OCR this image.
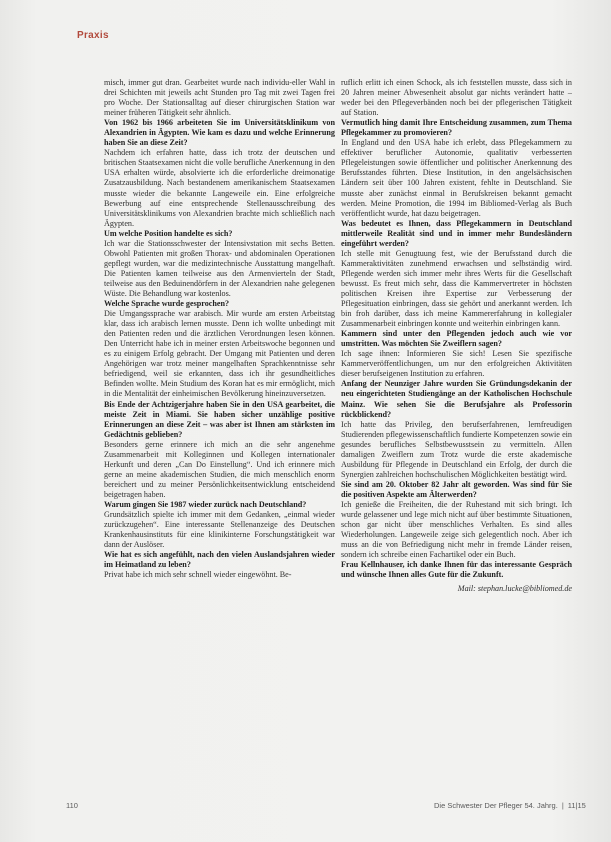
Praxis

misch, immer gut dran. Gearbeitet wurde nach individu-eller Wahl in drei Schichten mit jeweils acht Stunden pro Tag mit zwei Tagen frei pro Woche. Der Stationsalltag auf dieser chirurgischen Station war meiner früheren Tätigkeit sehr ähnlich.

Von 1962 bis 1966 arbeiteten Sie im Universitätsklinikum von Alexandrien in Ägypten. Wie kam es dazu und welche Erinnerung haben Sie an diese Zeit?

Nachdem ich erfahren hatte, dass ich trotz der deutschen und britischen Staatsexamen nicht die volle berufliche Anerkennung in den USA erhalten würde, absolvierte ich die erforderliche dreimonatige Zusatzausbildung. Nach bestandenem amerikanischem Staatsexamen musste wieder die bekannte Langeweile ein. Eine erfolgreiche Bewerbung auf eine entsprechende Stellenausschreibung des Universitätsklinikums von Alexandrien brachte mich schließlich nach Ägypten.

Um welche Position handelte es sich?

Ich war die Stationsschwester der Intensivstation mit sechs Betten. Obwohl Patienten mit großen Thorax- und abdominalen Operationen gepflegt wurden, war die medizintechnische Ausstattung mangelhaft. Die Patienten kamen teilweise aus den Armenvierteln der Stadt, teilweise aus den Beduinendörfern in der Alexandrien nahe gelegenen Wüste. Die Behandlung war kostenlos.

Welche Sprache wurde gesprochen?

Die Umgangssprache war arabisch. Mir wurde am ersten Arbeitstag klar, dass ich arabisch lernen musste. Denn ich wollte unbedingt mit den Patienten reden und die ärztlichen Verordnungen lesen können. Den Unterricht habe ich in meiner ersten Arbeitswoche begonnen und es zu einigem Erfolg gebracht. Der Umgang mit Patienten und deren Angehörigen war trotz meiner mangelhaften Sprachkenntnisse sehr befriedigend, weil sie erkannten, dass ich ihr gesundheitliches Befinden wollte. Mein Studium des Koran hat es mir ermöglicht, mich in die Mentalität der einheimischen Bevölkerung hineinzuversetzen.

Bis Ende der Achtzigerjahre haben Sie in den USA gearbeitet, die meiste Zeit in Miami. Sie haben sicher unzählige positive Erinnerungen an diese Zeit – was aber ist Ihnen am stärksten im Gedächtnis geblieben?

Besonders gerne erinnere ich mich an die sehr angenehme Zusammenarbeit mit Kolleginnen und Kollegen internationaler Herkunft und deren „Can Do Einstellung“. Und ich erinnere mich gerne an meine akademischen Studien, die mich menschlich enorm bereichert und zu meiner Persönlichkeitsentwicklung entscheidend beigetragen haben.

Warum gingen Sie 1987 wieder zurück nach Deutschland?

Grundsätzlich spielte ich immer mit dem Gedanken, „einmal wieder zurückzugehen“. Eine interessante Stellenanzeige des Deutschen Krankenhausinstituts für eine klinikinterne Forschungstätigkeit war dann der Auslöser.

Wie hat es sich angefühlt, nach den vielen Auslandsjahren wieder im Heimatland zu leben?

Privat habe ich mich sehr schnell wieder eingewöhnt. Be-

ruflich erlitt ich einen Schock, als ich feststellen musste, dass sich in 20 Jahren meiner Abwesenheit absolut gar nichts verändert hatte – weder bei den Pflegeverbänden noch bei der pflegerischen Tätigkeit auf Station.

Vermutlich hing damit Ihre Entscheidung zusammen, zum Thema Pflegekammer zu promovieren?

In England und den USA habe ich erlebt, dass Pflegekammern zu effektiver beruflicher Autonomie, qualitativ verbesserten Pflegeleistungen sowie öffentlicher und politischer Anerkennung des Berufsstandes führten. Diese Institution, in den angelsächsischen Ländern seit über 100 Jahren existent, fehlte in Deutschland. Sie musste aber zunächst einmal in Berufskreisen bekannt gemacht werden. Meine Promotion, die 1994 im Bibliomed-Verlag als Buch veröffentlicht wurde, hat dazu beigetragen.

Was bedeutet es Ihnen, dass Pflegekammern in Deutschland mittlerweile Realität sind und in immer mehr Bundesländern eingeführt werden?

Ich stelle mit Genugtuung fest, wie der Berufsstand durch die Kammeraktivitäten zunehmend erwachsen und selbständig wird. Pflegende werden sich immer mehr ihres Werts für die Gesellschaft bewusst. Es freut mich sehr, dass die Kammervertreter in höchsten politischen Kreisen ihre Expertise zur Verbesserung der Pflegesituation einbringen, dass sie gehört und anerkannt werden. Ich bin froh darüber, dass ich meine Kammererfahrung in kollegialer Zusammenarbeit einbringen konnte und weiterhin einbringen kann.

Kammern sind unter den Pflegenden jedoch auch wie vor umstritten. Was möchten Sie Zweiflern sagen?

Ich sage ihnen: Informieren Sie sich! Lesen Sie spezifische Kammerveröffentlichungen, um nur den erfolgreichen Aktivitäten dieser berufseigenen Institution zu erfahren.

Anfang der Neunziger Jahre wurden Sie Gründungsdekanin der neu eingerichteten Studiengänge an der Katholischen Hochschule Mainz. Wie sehen Sie die Berufsjahre als Professorin rückblickend?

Ich hatte das Privileg, den berufserfahrenen, lernfreudigen Studierenden pflegewissenschaftlich fundierte Kompetenzen sowie ein gesundes berufliches Selbstbewusstsein zu vermitteln. Allen damaligen Zweiflern zum Trotz wurde die erste akademische Ausbildung für Pflegende in Deutschland ein Erfolg, der durch die Synergien zahlreichen hochschulischen Möglichkeiten bestätigt wird.

Sie sind am 20. Oktober 82 Jahr alt geworden. Was sind für Sie die positiven Aspekte am Älterwerden?

Ich genieße die Freiheiten, die der Ruhestand mit sich bringt. Ich wurde gelassener und lege mich nicht auf über bestimmte Situationen, schon gar nicht über menschliches Verhalten. Es sind alles Wiederholungen. Langeweile zeige sich gelegentlich noch. Aber ich muss an die von Befriedigung nicht mehr in fremde Länder reisen, sondern ich schreibe einen Fachartikel oder ein Buch.

Frau Kellnhauser, ich danke Ihnen für das interessante Gespräch und wünsche Ihnen alles Gute für die Zukunft.

Mail: stephan.lucke@bibliomed.de

110	Die Schwester Der Pfleger 54. Jahrg. | 11|15
